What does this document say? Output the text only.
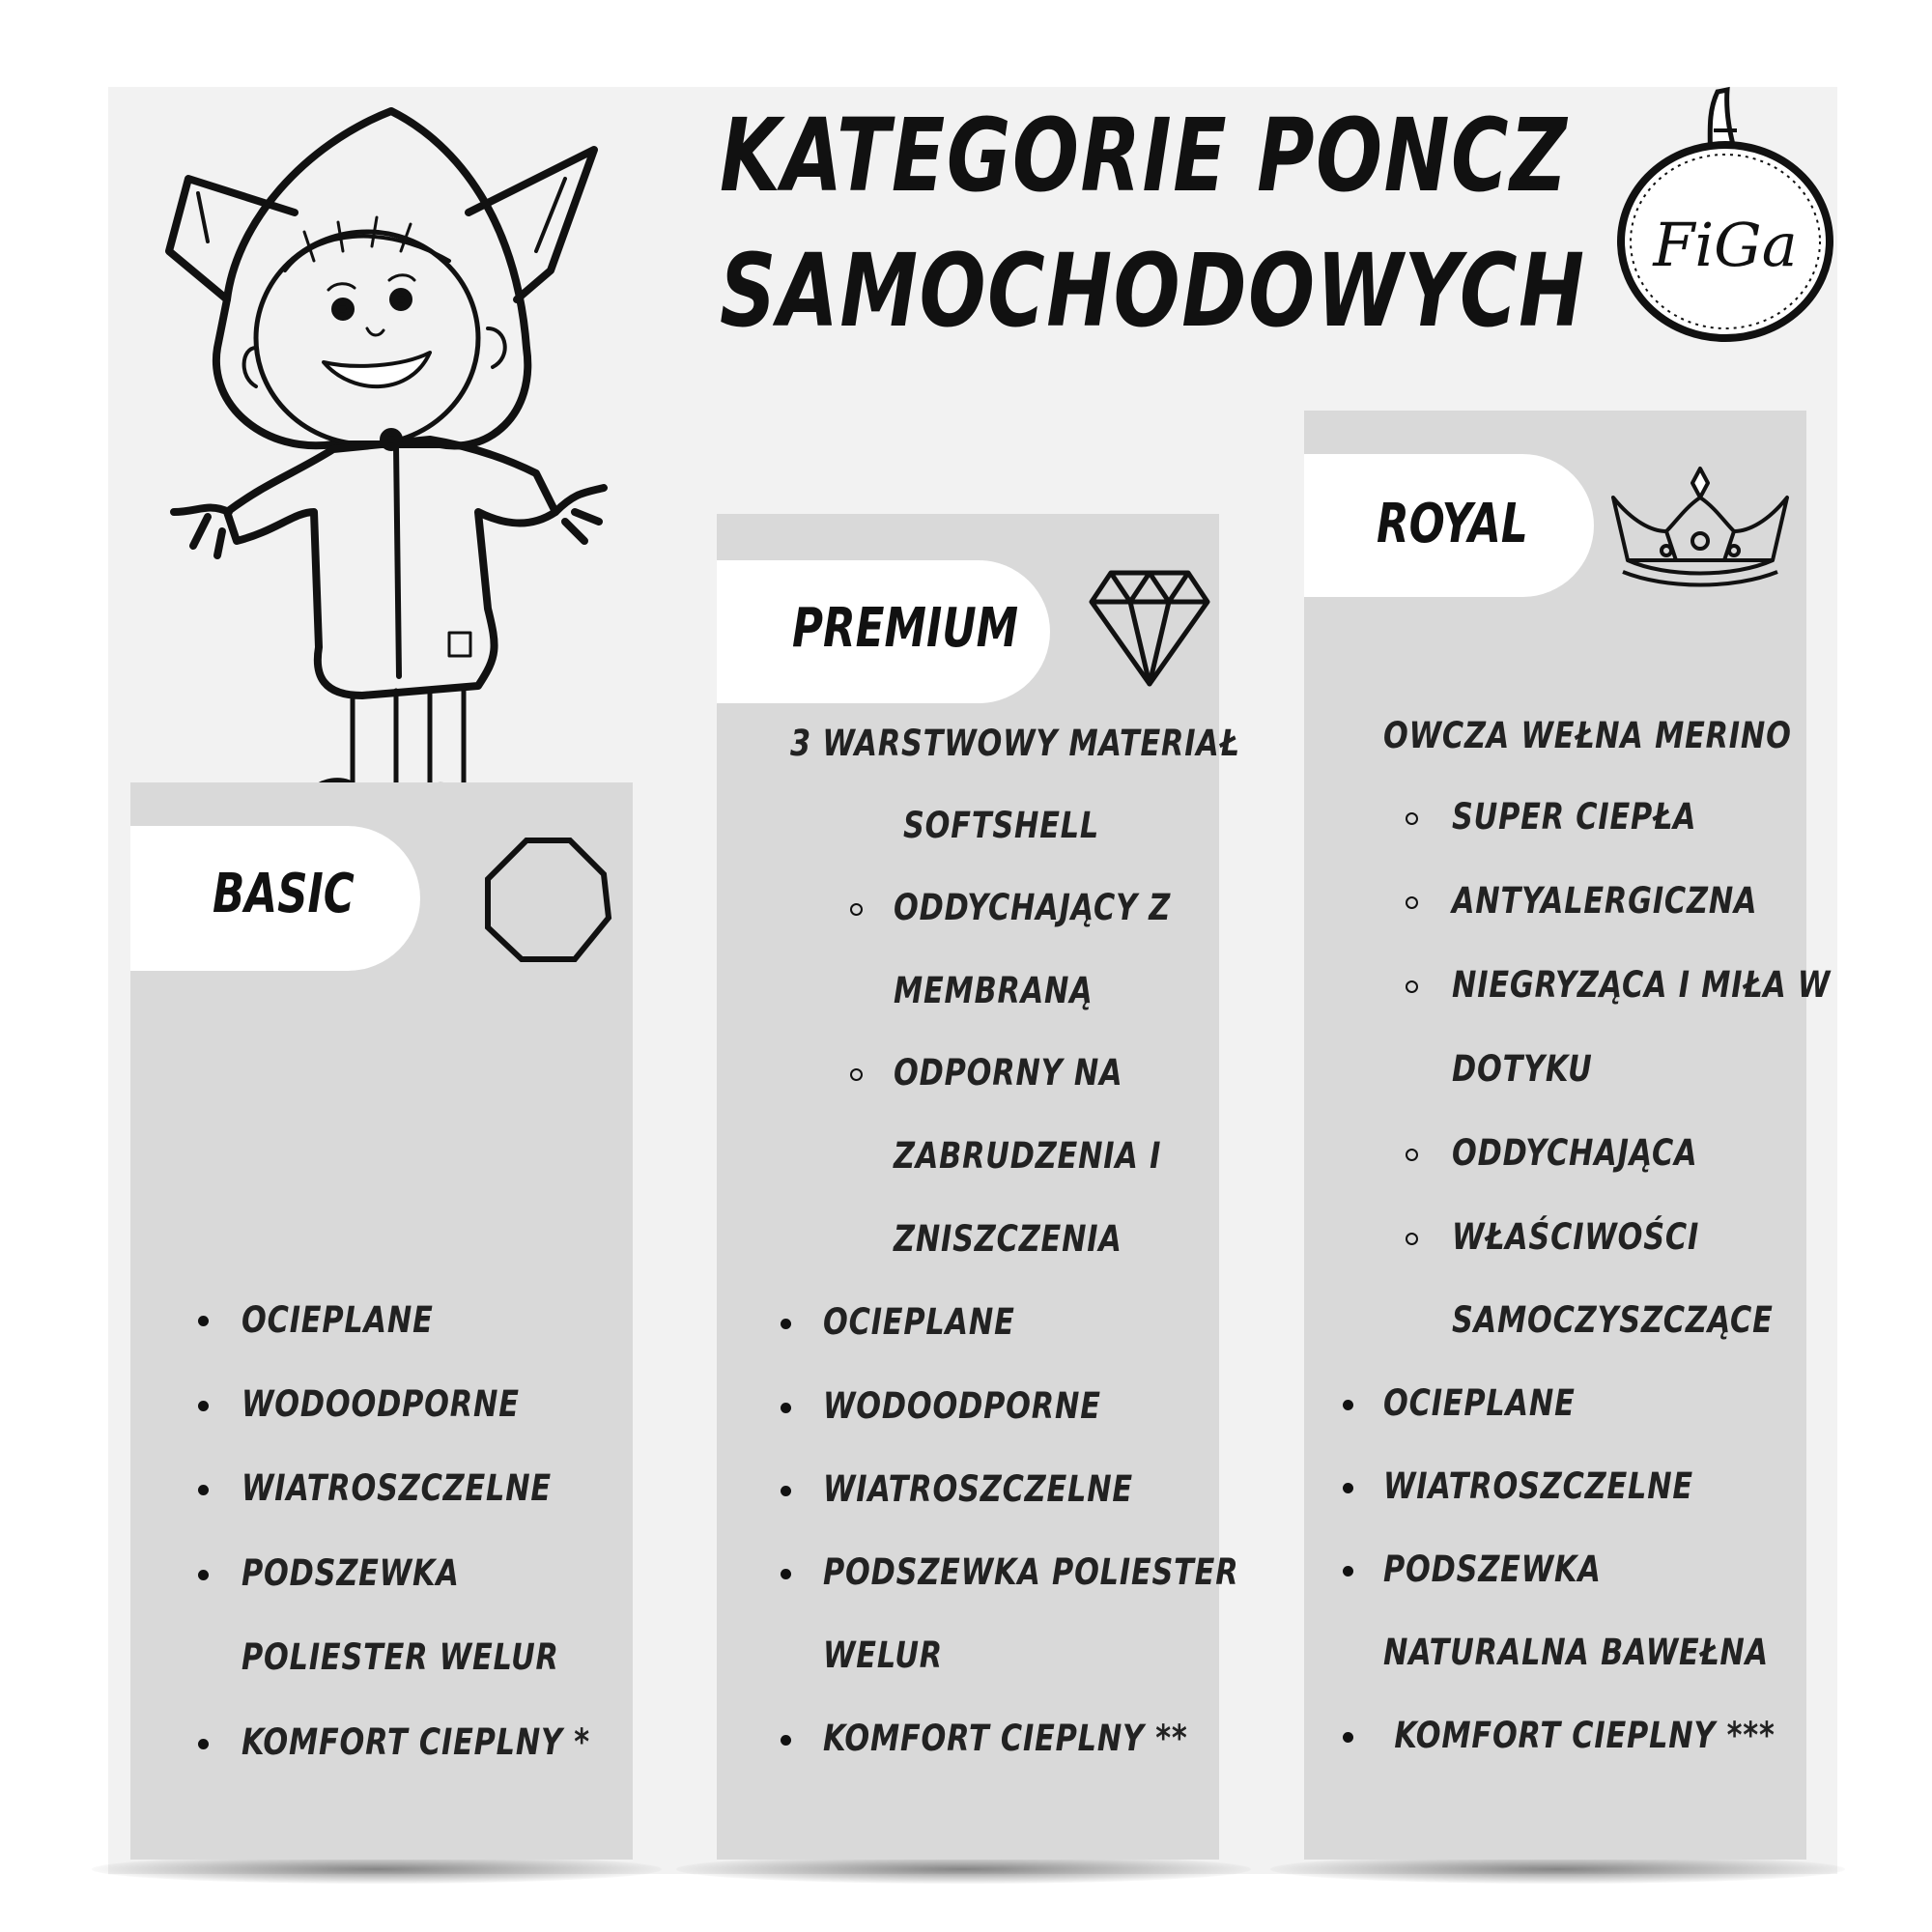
KATEGORIE PONCZ
SAMOCHODOWYCH FiGa
BASIC
OCIEPLANE
WODOODPORNE
WIATROSZCZELNE
PODSZEWKA
POLIESTER WELUR
KOMFORT CIEPLNY *
PREMIUM
3 WARSTWOWY MATERIAŁ
SOFTSHELL
ODDYCHAJĄCY Z
MEMBRANĄ
ODPORNY NA
ZABRUDZENIA I
ZNISZCZENIA
OCIEPLANE
WODOODPORNE
WIATROSZCZELNE
PODSZEWKA POLIESTER
WELUR
KOMFORT CIEPLNY **
ROYAL
OWCZA WEŁNA MERINO
SUPER CIEPŁA
ANTYALERGICZNA
NIEGRYZĄCA I MIŁA W
DOTYKU
ODDYCHAJĄCA
WŁAŚCIWOŚCI
SAMOCZYSZCZĄCE
OCIEPLANE
WIATROSZCZELNE
PODSZEWKA
NATURALNA BAWEŁNA
KOMFORT CIEPLNY ***
